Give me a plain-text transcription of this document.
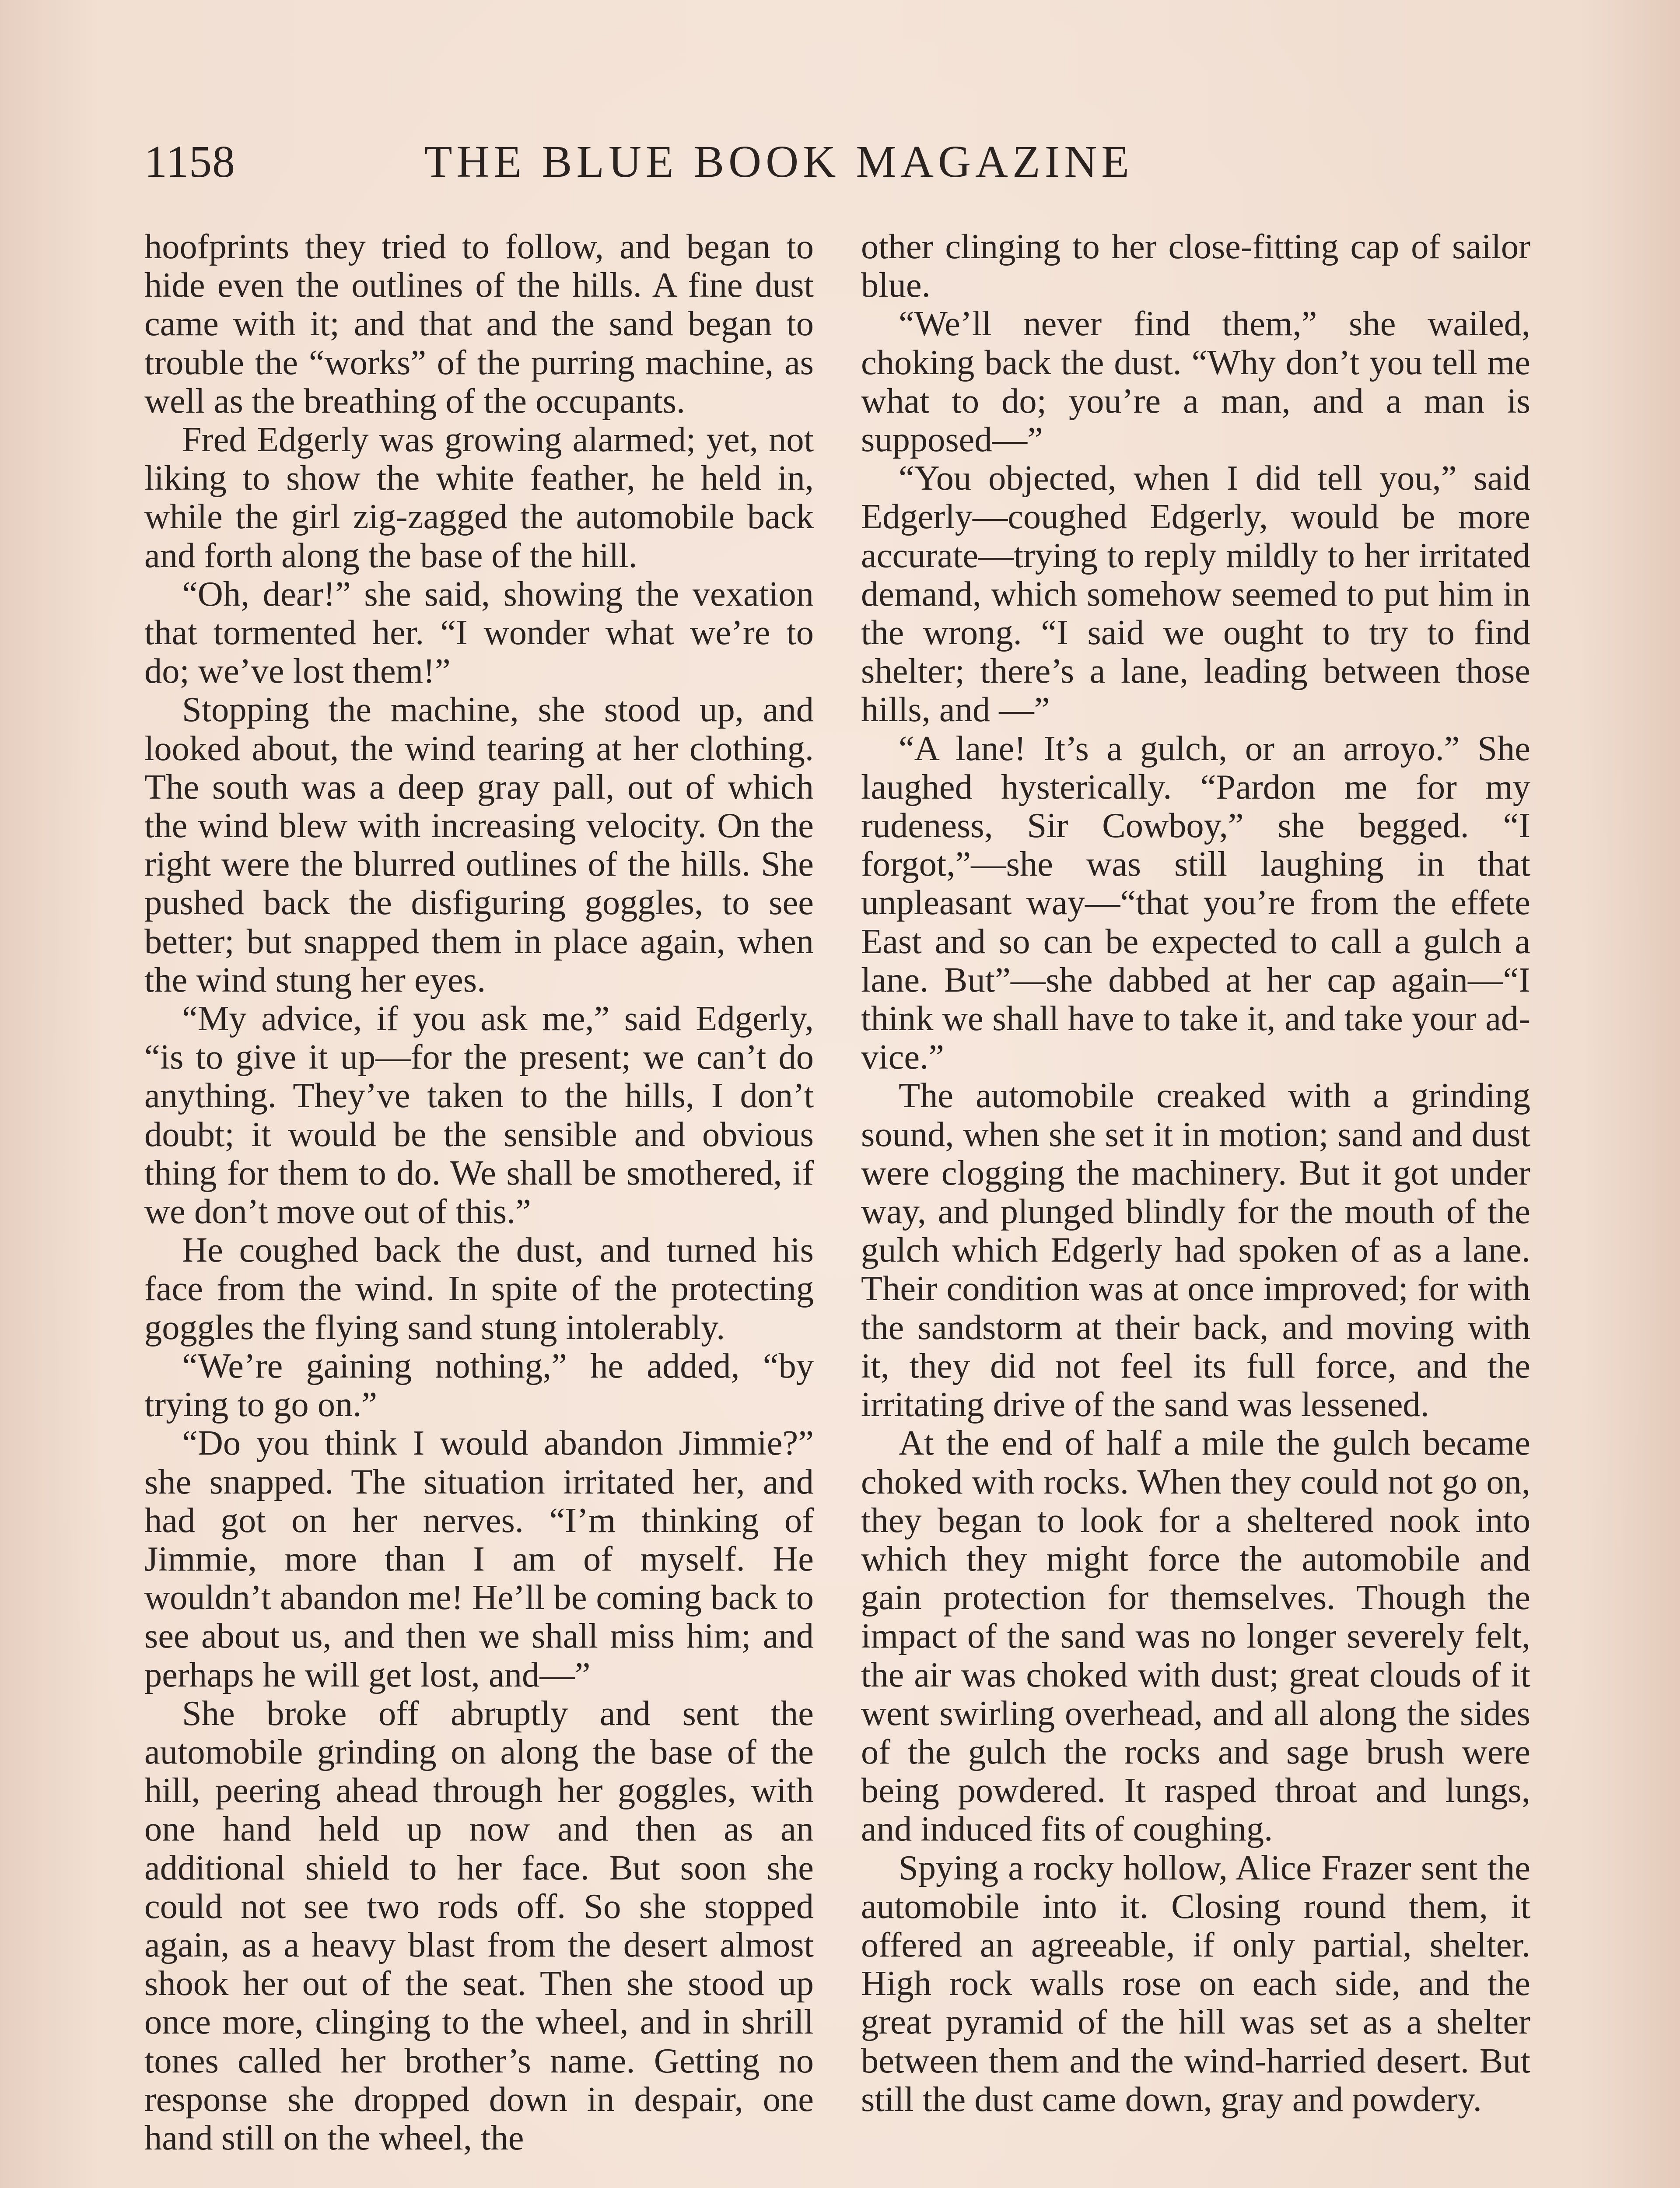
1158	THE BLUE BOOK MAGAZINE

hoofprints they tried to follow, and began to hide even the outlines of the hills. A fine dust came with it; and that and the sand began to trouble the “works” of the purring machine, as well as the breathing of the occupants.

Fred Edgerly was growing alarmed; yet, not liking to show the white feather, he held in, while the girl zig-zagged the automobile back and forth along the base of the hill.

“Oh, dear!” she said, showing the vexation that tormented her. “I wonder what we’re to do; we’ve lost them!”

Stopping the machine, she stood up, and looked about, the wind tearing at her clothing. The south was a deep gray pall, out of which the wind blew with increasing velocity. On the right were the blurred outlines of the hills. She pushed back the disfiguring goggles, to see better; but snapped them in place again, when the wind stung her eyes.

“My advice, if you ask me,” said Edgerly, “is to give it up—for the present; we can’t do anything. They’ve taken to the hills, I don’t doubt; it would be the sensible and obvious thing for them to do. We shall be smothered, if we don’t move out of this.”

He coughed back the dust, and turned his face from the wind. In spite of the protecting goggles the flying sand stung intolerably.

“We’re gaining nothing,” he added, “by trying to go on.”

“Do you think I would abandon Jimmie?” she snapped. The situation irritated her, and had got on her nerves. “I’m thinking of Jimmie, more than I am of myself. He wouldn’t abandon me! He’ll be coming back to see about us, and then we shall miss him; and perhaps he will get lost, and—”

She broke off abruptly and sent the automobile grinding on along the base of the hill, peering ahead through her goggles, with one hand held up now and then as an additional shield to her face. But soon she could not see two rods off. So she stopped again, as a heavy blast from the desert almost shook her out of the seat. Then she stood up once more, clinging to the wheel, and in shrill tones called her brother’s name. Getting no response she dropped down in despair, one hand still on the wheel, the

other clinging to her close-fitting cap of sailor blue.

“We’ll never find them,” she wailed, choking back the dust. “Why don’t you tell me what to do; you’re a man, and a man is supposed—”

“You objected, when I did tell you,” said Edgerly—coughed Edgerly, would be more accurate—trying to reply mildly to her irritated demand, which somehow seemed to put him in the wrong. “I said we ought to try to find shelter; there’s a lane, leading between those hills, and —”

“A lane! It’s a gulch, or an arroyo.” She laughed hysterically. “Pardon me for my rudeness, Sir Cowboy,” she begged. “I forgot,”—she was still laughing in that unpleasant way—“that you’re from the effete East and so can be expected to call a gulch a lane. But”—she dabbed at her cap again—“I think we shall have to take it, and take your advice.”

The automobile creaked with a grinding sound, when she set it in motion; sand and dust were clogging the machinery. But it got under way, and plunged blindly for the mouth of the gulch which Edgerly had spoken of as a lane. Their condition was at once improved; for with the sandstorm at their back, and moving with it, they did not feel its full force, and the irritating drive of the sand was lessened.

At the end of half a mile the gulch became choked with rocks. When they could not go on, they began to look for a sheltered nook into which they might force the automobile and gain protection for themselves. Though the impact of the sand was no longer severely felt, the air was choked with dust; great clouds of it went swirling overhead, and all along the sides of the gulch the rocks and sage brush were being powdered. It rasped throat and lungs, and induced fits of coughing.

Spying a rocky hollow, Alice Frazer sent the automobile into it. Closing round them, it offered an agreeable, if only partial, shelter. High rock walls rose on each side, and the great pyramid of the hill was set as a shelter between them and the wind-harried desert. But still the dust came down, gray and powdery.
